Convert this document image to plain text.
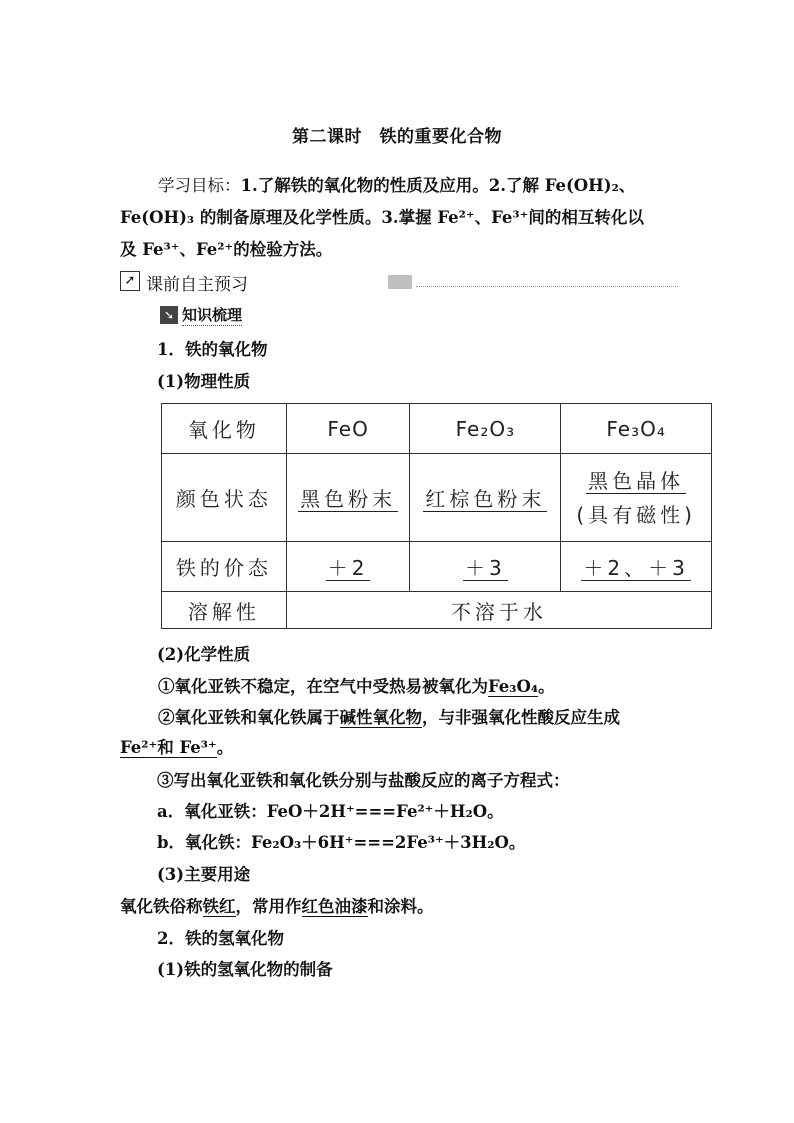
第二课时　铁的重要化合物
学习目标：1.了解铁的氧化物的性质及应用。2.了解 Fe(OH)₂、
Fe(OH)₃ 的制备原理及化学性质。3.掌握 Fe²⁺、Fe³⁺间的相互转化以
及 Fe³⁺、Fe²⁺的检验方法。
➚ 课前自主预习
➘ 知识梳理
1．铁的氧化物
(1)物理性质
氧化物	FeO	Fe₂O₃	Fe₃O₄
颜色状态	黑色粉末	红棕色粉末	黑色晶体
(具有磁性)
铁的价态	＋2	＋3	＋2、＋3
溶解性	不溶于水		
(2)化学性质
①氧化亚铁不稳定，在空气中受热易被氧化为Fe₃O₄。
②氧化亚铁和氧化铁属于碱性氧化物，与非强氧化性酸反应生成
Fe²⁺和 Fe³⁺。
③写出氧化亚铁和氧化铁分别与盐酸反应的离子方程式：
a．氧化亚铁：FeO＋2H⁺===Fe²⁺＋H₂O。
b．氧化铁：Fe₂O₃＋6H⁺===2Fe³⁺＋3H₂O。
(3)主要用途
氧化铁俗称铁红，常用作红色油漆和涂料。
2．铁的氢氧化物
(1)铁的氢氧化物的制备
